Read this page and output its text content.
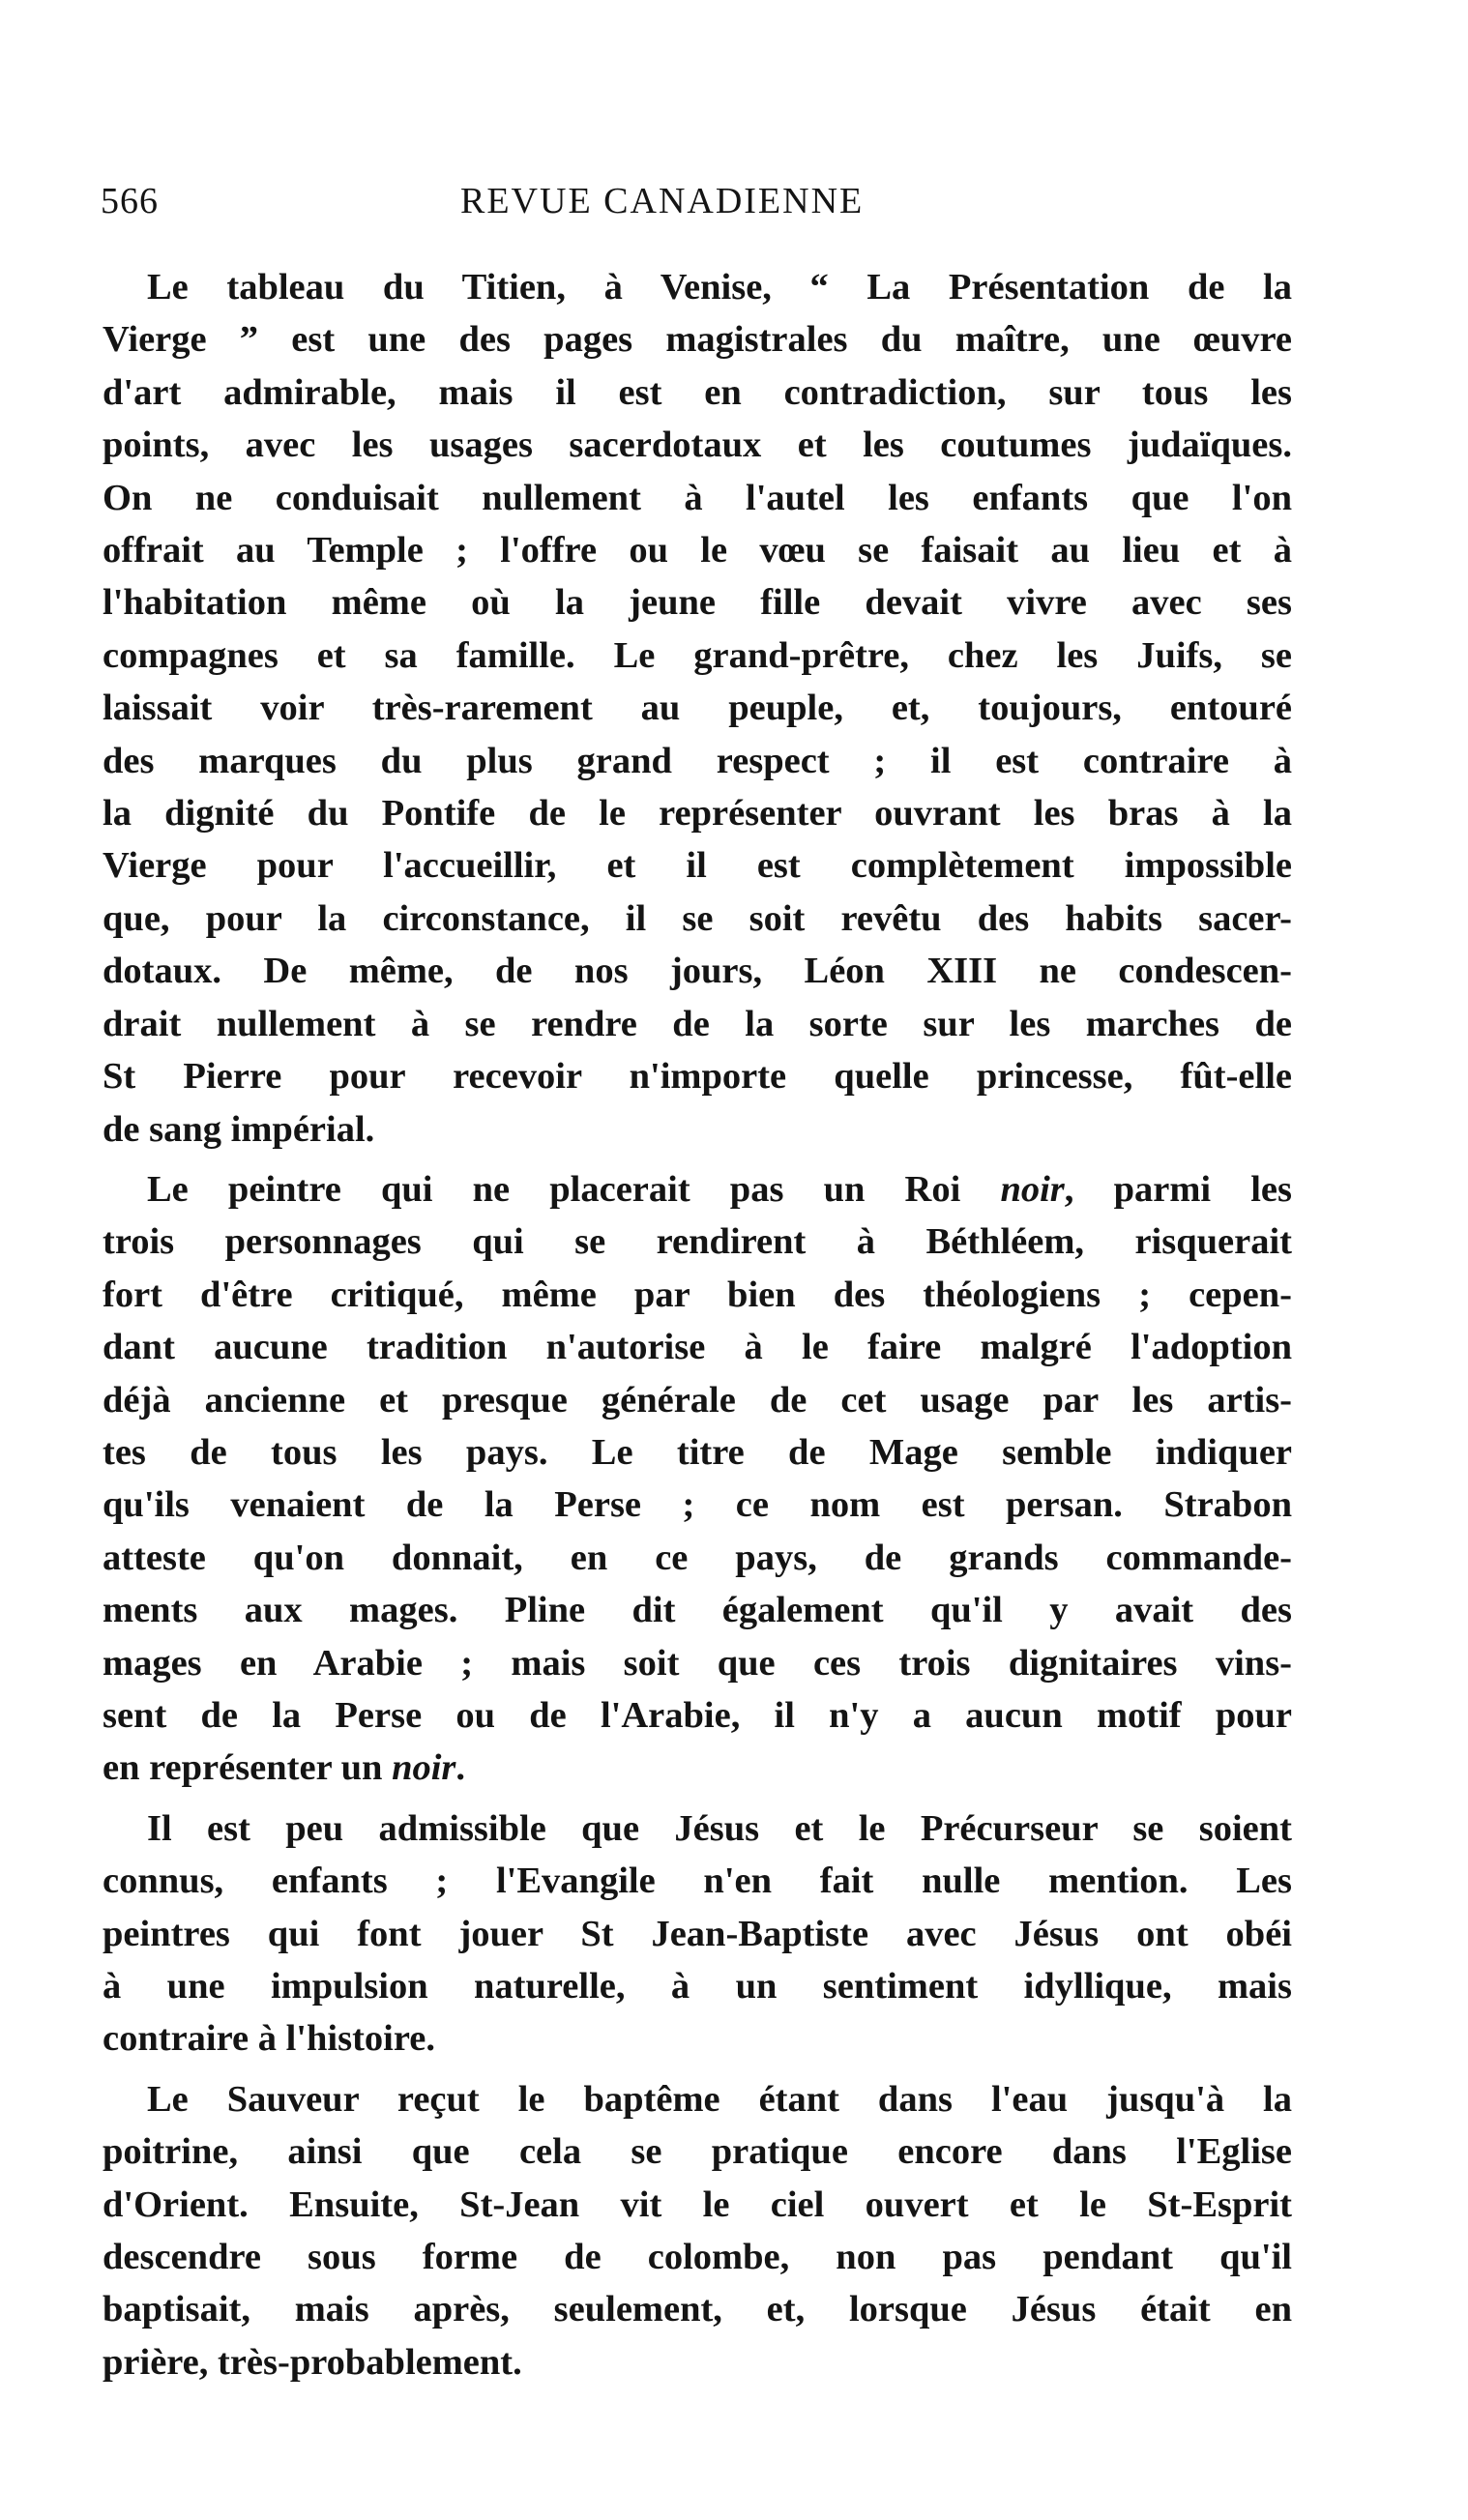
566	REVUE CANADIENNE
Le tableau du Titien, à Venise, “ La Présentation de la
Vierge ” est une des pages magistrales du maître, une œuvre
d'art admirable, mais il est en contradiction, sur tous les
points, avec les usages sacerdotaux et les coutumes judaïques.
On ne conduisait nullement à l'autel les enfants que l'on
offrait au Temple ; l'offre ou le vœu se faisait au lieu et à
l'habitation même où la jeune fille devait vivre avec ses
compagnes et sa famille. Le grand-prêtre, chez les Juifs, se
laissait voir très-rarement au peuple, et, toujours, entouré
des marques du plus grand respect ; il est contraire à
la dignité du Pontife de le représenter ouvrant les bras à la
Vierge pour l'accueillir, et il est complètement impossible
que, pour la circonstance, il se soit revêtu des habits sacer-
dotaux. De même, de nos jours, Léon XIII ne condescen-
drait nullement à se rendre de la sorte sur les marches de
St Pierre pour recevoir n'importe quelle princesse, fût-elle
de sang impérial.
Le peintre qui ne placerait pas un Roi noir, parmi les
trois personnages qui se rendirent à Béthléem, risquerait
fort d'être critiqué, même par bien des théologiens ; cepen-
dant aucune tradition n'autorise à le faire malgré l'adoption
déjà ancienne et presque générale de cet usage par les artis-
tes de tous les pays. Le titre de Mage semble indiquer
qu'ils venaient de la Perse ; ce nom est persan. Strabon
atteste qu'on donnait, en ce pays, de grands commande-
ments aux mages. Pline dit également qu'il y avait des
mages en Arabie ; mais soit que ces trois dignitaires vins-
sent de la Perse ou de l'Arabie, il n'y a aucun motif pour
en représenter un noir.
Il est peu admissible que Jésus et le Précurseur se soient
connus, enfants ; l'Evangile n'en fait nulle mention. Les
peintres qui font jouer St Jean-Baptiste avec Jésus ont obéi
à une impulsion naturelle, à un sentiment idyllique, mais
contraire à l'histoire.
Le Sauveur reçut le baptême étant dans l'eau jusqu'à la
poitrine, ainsi que cela se pratique encore dans l'Eglise
d'Orient. Ensuite, St-Jean vit le ciel ouvert et le St-Esprit
descendre sous forme de colombe, non pas pendant qu'il
baptisait, mais après, seulement, et, lorsque Jésus était en
prière, très-probablement.
